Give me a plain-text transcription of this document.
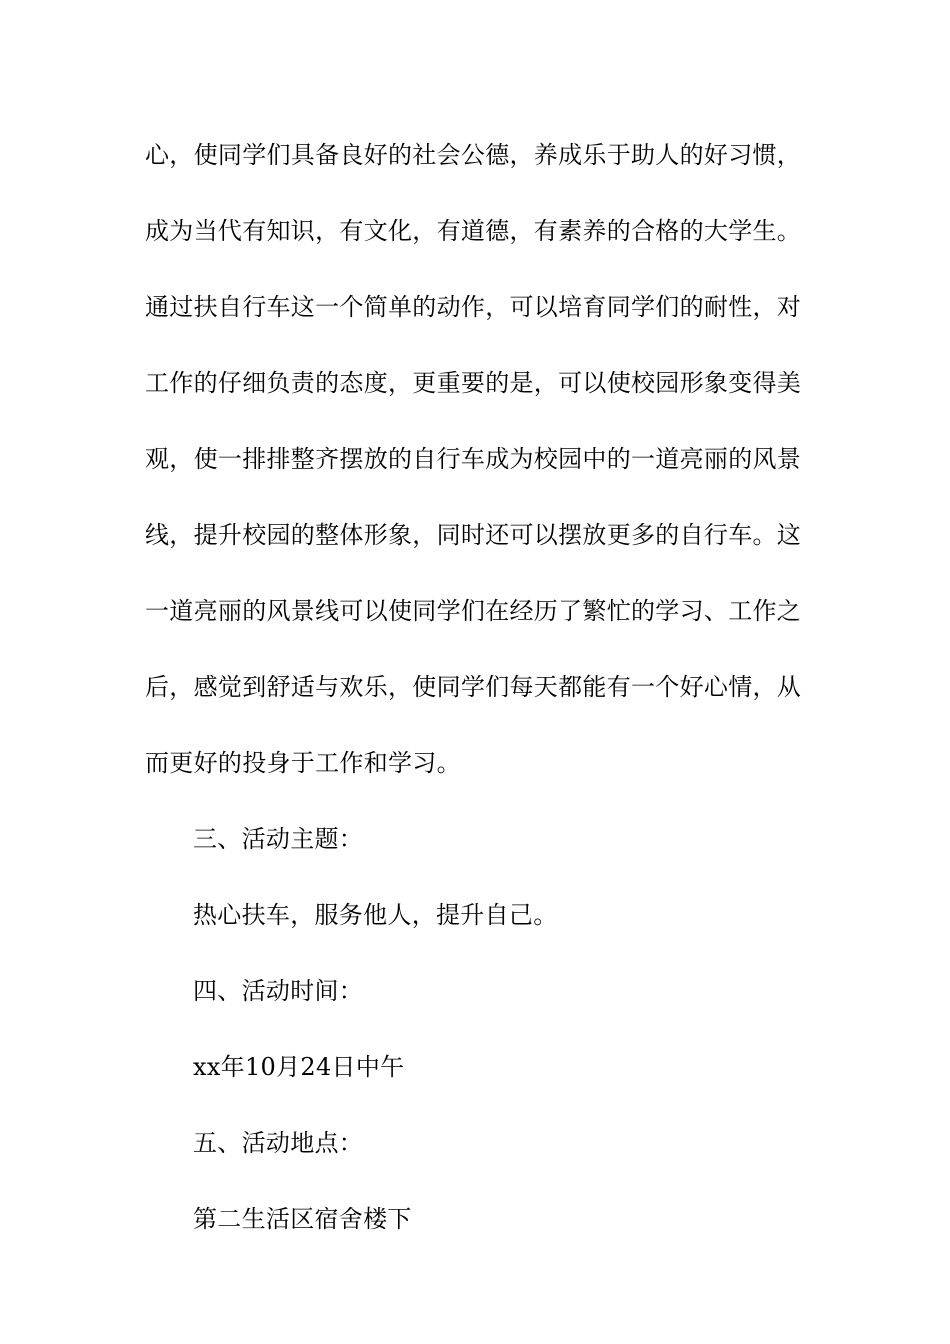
心，使同学们具备良好的社会公德，养成乐于助人的好习惯，
成为当代有知识，有文化，有道德，有素养的合格的大学生。
通过扶自行车这一个简单的动作，可以培育同学们的耐性，对
工作的仔细负责的态度，更重要的是，可以使校园形象变得美
观，使一排排整齐摆放的自行车成为校园中的一道亮丽的风景
线，提升校园的整体形象，同时还可以摆放更多的自行车。这
一道亮丽的风景线可以使同学们在经历了繁忙的学习、工作之
后，感觉到舒适与欢乐，使同学们每天都能有一个好心情，从
而更好的投身于工作和学习。
三、活动主题：
热心扶车，服务他人，提升自己。
四、活动时间：
xx年10月24日中午
五、活动地点：
第二生活区宿舍楼下
